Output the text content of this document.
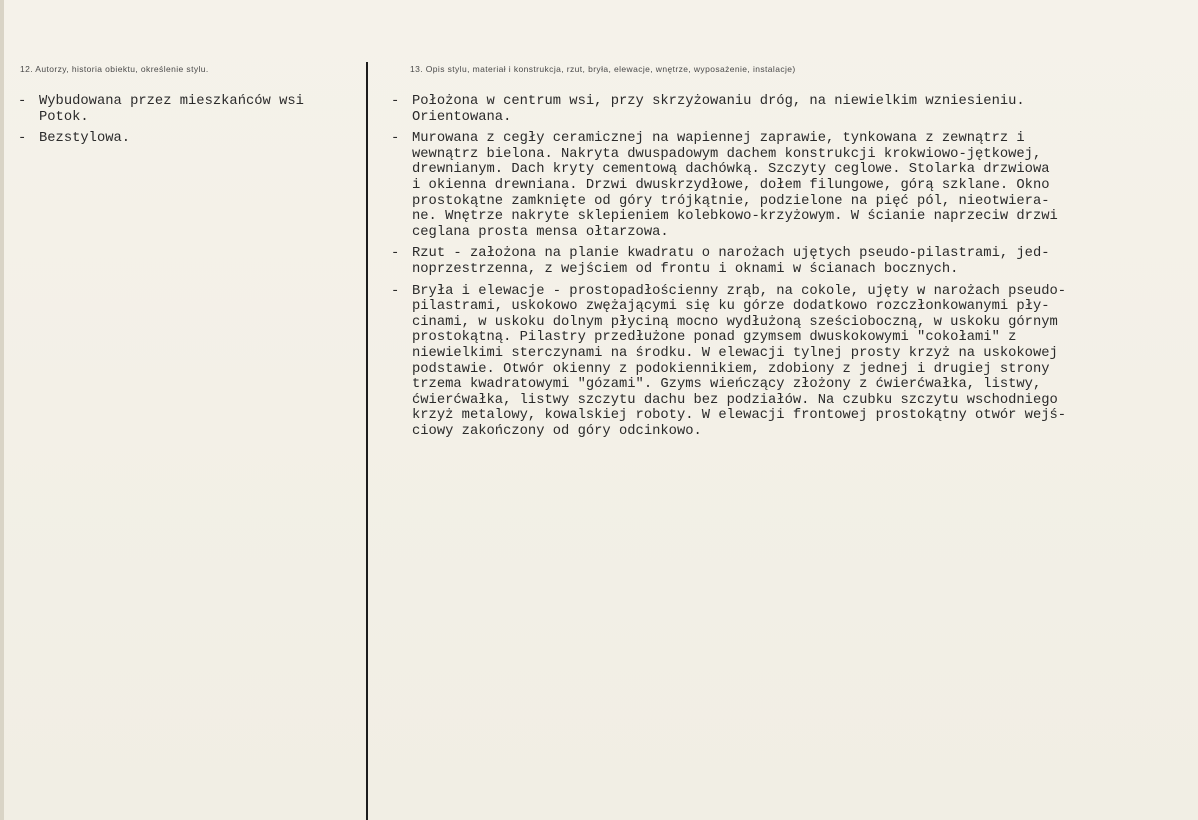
12. Autorzy, historia obiektu, określenie stylu.	13. Opis stylu, materiał i konstrukcja, rzut, bryła, elewacje, wnętrze, wyposażenie, instalacje)
- Wybudowana przez mieszkańców wsi
Potok.
- Bezstylowa.
- Położona w centrum wsi, przy skrzyżowaniu dróg, na niewielkim wzniesieniu.
Orientowana.
- Murowana z cegły ceramicznej na wapiennej zaprawie, tynkowana z zewnątrz i
wewnątrz bielona. Nakryta dwuspadowym dachem konstrukcji krokwiowo-jętkowej,
drewnianym. Dach kryty cementową dachówką. Szczyty ceglowe. Stolarka drzwiowa
i okienna drewniana. Drzwi dwuskrzydłowe, dołem filungowe, górą szklane. Okno
prostokątne zamknięte od góry trójkątnie, podzielone na pięć pól, nieotwiera-
ne. Wnętrze nakryte sklepieniem kolebkowo-krzyżowym. W ścianie naprzeciw drzwi
ceglana prosta mensa ołtarzowa.
- Rzut - założona na planie kwadratu o narożach ujętych pseudo-pilastrami, jed-
noprzestrzenna, z wejściem od frontu i oknami w ścianach bocznych.
- Bryła i elewacje - prostopadłościenny zrąb, na cokole, ujęty w narożach pseudo-
pilastrami, uskokowo zwężającymi się ku górze dodatkowo rozczłonkowanymi pły-
cinami, w uskoku dolnym płyciną mocno wydłużoną sześcioboczną, w uskoku górnym
prostokątną. Pilastry przedłużone ponad gzymsem dwuskokowymi "cokołami" z
niewielkimi sterczynami na środku. W elewacji tylnej prosty krzyż na uskokowej
podstawie. Otwór okienny z podokiennikiem, zdobiony z jednej i drugiej strony
trzema kwadratowymi "gózami". Gzyms wieńczący złożony z ćwierćwałka, listwy,
ćwierćwałka, listwy szczytu dachu bez podziałów. Na czubku szczytu wschodniego
krzyż metalowy, kowalskiej roboty. W elewacji frontowej prostokątny otwór wejś-
ciowy zakończony od góry odcinkowo.
